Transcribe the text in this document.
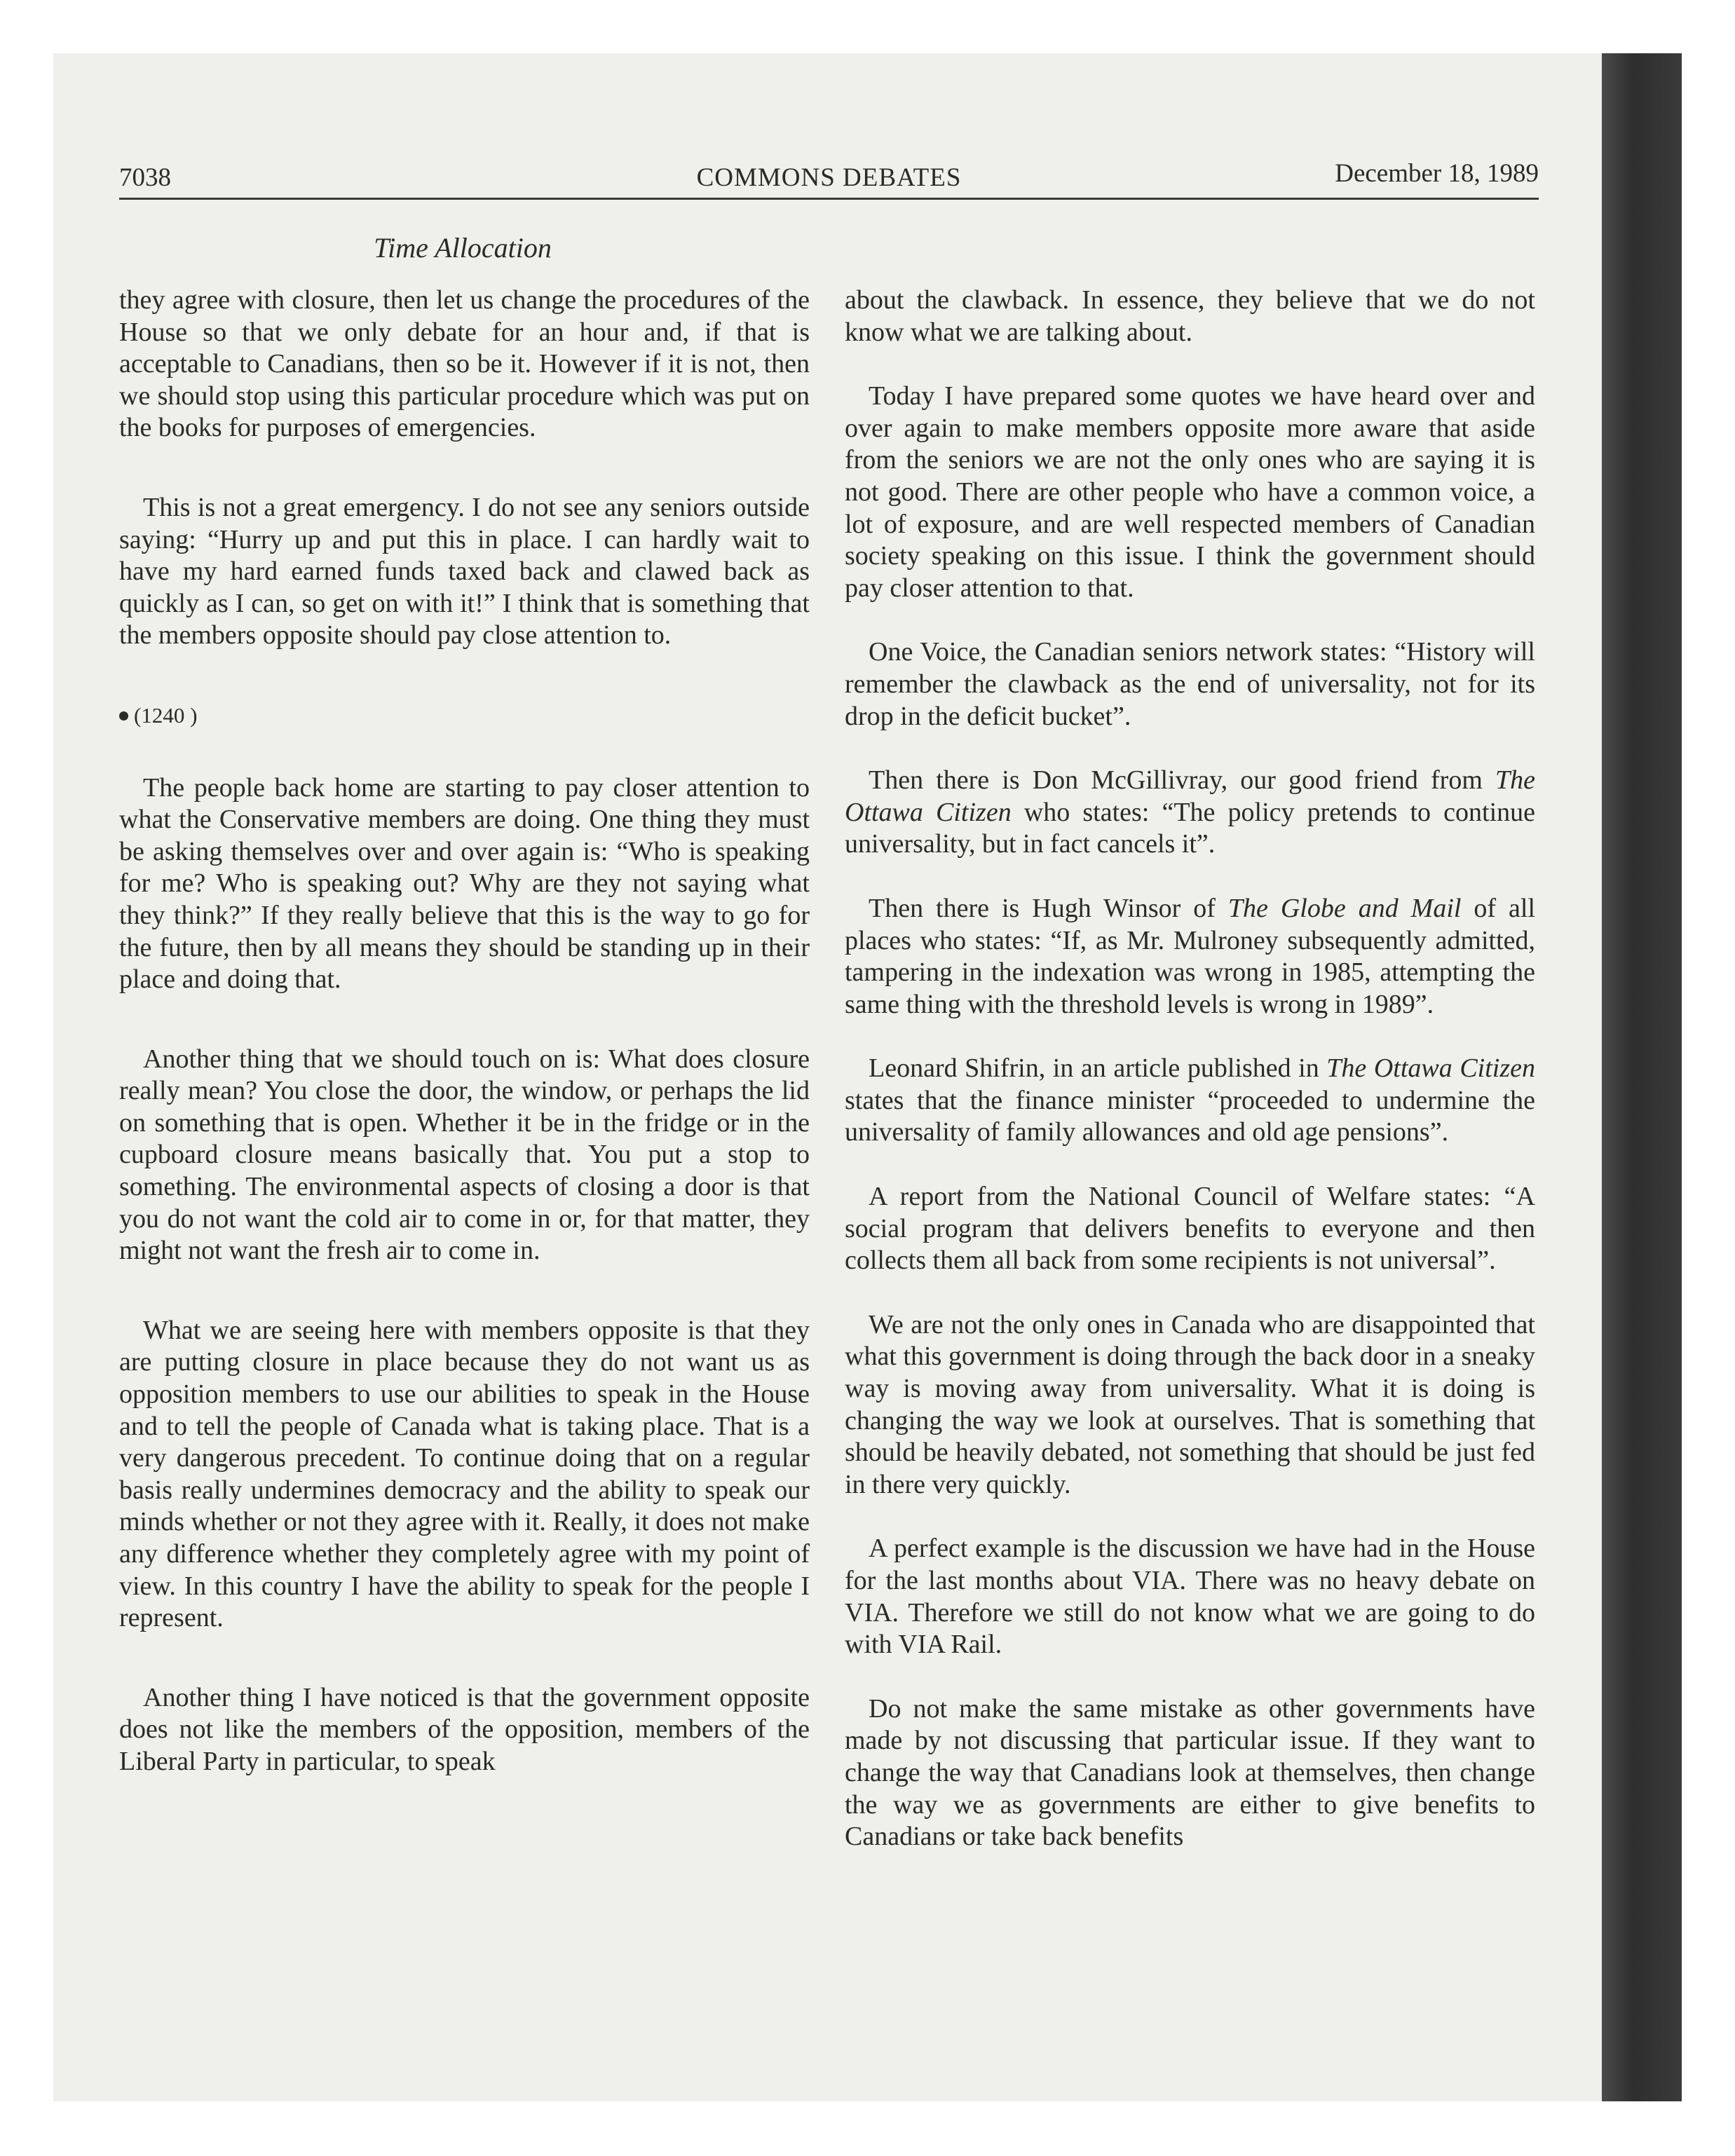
7038	COMMONS DEBATES	December 18, 1989
Time Allocation

they agree with closure, then let us change the procedures of the House so that we only debate for an hour and, if that is acceptable to Canadians, then so be it. However if it is not, then we should stop using this particular procedure which was put on the books for purposes of emergencies.

This is not a great emergency. I do not see any seniors outside saying: “Hurry up and put this in place. I can hardly wait to have my hard earned funds taxed back and clawed back as quickly as I can, so get on with it!” I think that is something that the members opposite should pay close attention to.

(1240 )

The people back home are starting to pay closer attention to what the Conservative members are doing. One thing they must be asking themselves over and over again is: “Who is speaking for me? Who is speaking out? Why are they not saying what they think?” If they really believe that this is the way to go for the future, then by all means they should be standing up in their place and doing that.

Another thing that we should touch on is: What does closure really mean? You close the door, the window, or perhaps the lid on something that is open. Whether it be in the fridge or in the cupboard closure means basically that. You put a stop to something. The environmental aspects of closing a door is that you do not want the cold air to come in or, for that matter, they might not want the fresh air to come in.

What we are seeing here with members opposite is that they are putting closure in place because they do not want us as opposition members to use our abilities to speak in the House and to tell the people of Canada what is taking place. That is a very dangerous precedent. To continue doing that on a regular basis really undermines democracy and the ability to speak our minds whether or not they agree with it. Really, it does not make any difference whether they completely agree with my point of view. In this country I have the ability to speak for the people I represent.

Another thing I have noticed is that the government opposite does not like the members of the opposition, members of the Liberal Party in particular, to speak

about the clawback. In essence, they believe that we do not know what we are talking about.

Today I have prepared some quotes we have heard over and over again to make members opposite more aware that aside from the seniors we are not the only ones who are saying it is not good. There are other people who have a common voice, a lot of exposure, and are well respected members of Canadian society speaking on this issue. I think the government should pay closer attention to that.

One Voice, the Canadian seniors network states: “History will remember the clawback as the end of universality, not for its drop in the deficit bucket”.

Then there is Don McGillivray, our good friend from The Ottawa Citizen who states: “The policy pretends to continue universality, but in fact cancels it”.

Then there is Hugh Winsor of The Globe and Mail of all places who states: “If, as Mr. Mulroney subsequently admitted, tampering in the indexation was wrong in 1985, attempting the same thing with the threshold levels is wrong in 1989”.

Leonard Shifrin, in an article published in The Ottawa Citizen states that the finance minister “proceeded to undermine the universality of family allowances and old age pensions”.

A report from the National Council of Welfare states: “A social program that delivers benefits to everyone and then collects them all back from some recipients is not universal”.

We are not the only ones in Canada who are disappointed that what this government is doing through the back door in a sneaky way is moving away from universality. What it is doing is changing the way we look at ourselves. That is something that should be heavily debated, not something that should be just fed in there very quickly.

A perfect example is the discussion we have had in the House for the last months about VIA. There was no heavy debate on VIA. Therefore we still do not know what we are going to do with VIA Rail.

Do not make the same mistake as other governments have made by not discussing that particular issue. If they want to change the way that Canadians look at themselves, then change the way we as governments are either to give benefits to Canadians or take back benefits
